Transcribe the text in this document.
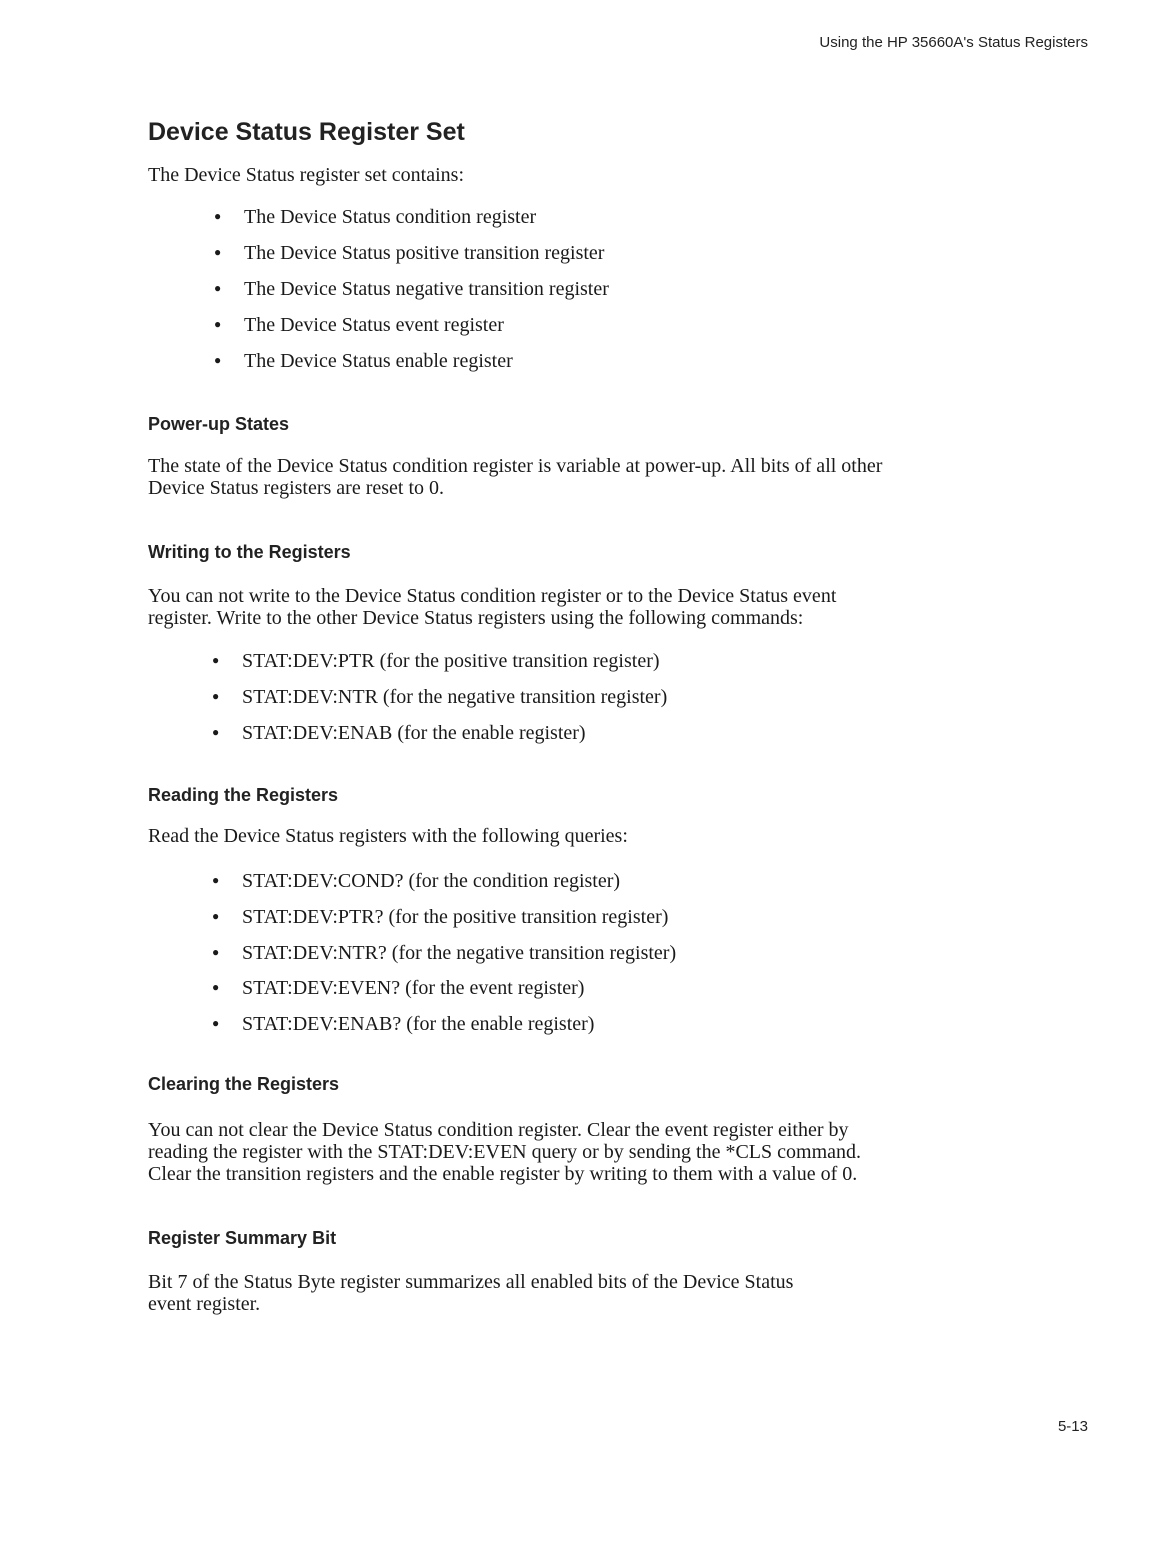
Using the HP 35660A's Status Registers
Device Status Register Set
The Device Status register set contains:
● The Device Status condition register
● The Device Status positive transition register
● The Device Status negative transition register
● The Device Status event register
● The Device Status enable register
● STAT:DEV:PTR (for the positive transition register)
● STAT:DEV:NTR (for the negative transition register)
● STAT:DEV:ENAB (for the enable register)
● STAT:DEV:COND? (for the condition register)
● STAT:DEV:PTR? (for the positive transition register)
● STAT:DEV:NTR? (for the negative transition register)
● STAT:DEV:EVEN? (for the event register)
● STAT:DEV:ENAB? (for the enable register)
Power-up States
The state of the Device Status condition register is variable at power-up. All bits of all other
Device Status registers are reset to 0.
Writing to the Registers
You can not write to the Device Status condition register or to the Device Status event
register. Write to the other Device Status registers using the following commands:
Reading the Registers
Read the Device Status registers with the following queries:
Clearing the Registers
You can not clear the Device Status condition register. Clear the event register either by
reading the register with the STAT:DEV:EVEN query or by sending the *CLS command.
Clear the transition registers and the enable register by writing to them with a value of 0.
Register Summary Bit
Bit 7 of the Status Byte register summarizes all enabled bits of the Device Status
event register.
5-13
